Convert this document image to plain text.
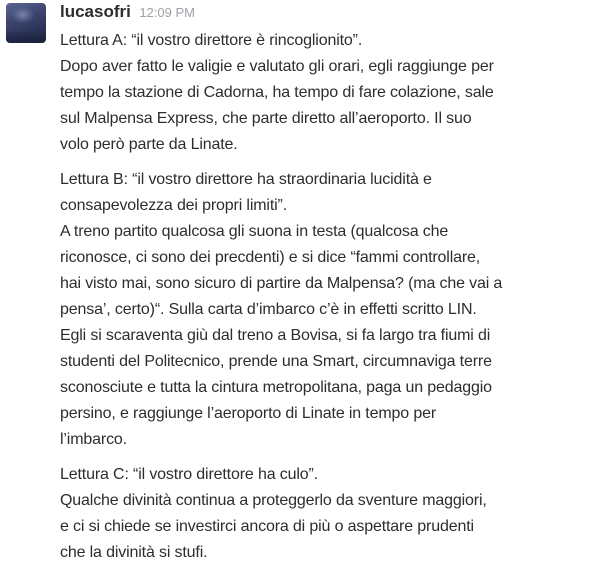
lucasofri 12:09 PM
Lettura A: “il vostro direttore è rincoglionito”.
Dopo aver fatto le valigie e valutato gli orari, egli raggiunge per
tempo la stazione di Cadorna, ha tempo di fare colazione, sale
sul Malpensa Express, che parte diretto all’aeroporto. Il suo
volo però parte da Linate.
Lettura B: “il vostro direttore ha straordinaria lucidità e
consapevolezza dei propri limiti”.
A treno partito qualcosa gli suona in testa (qualcosa che
riconosce, ci sono dei precdenti) e si dice “fammi controllare,
hai visto mai, sono sicuro di partire da Malpensa? (ma che vai a
pensa’, certo)“. Sulla carta d’imbarco c’è in effetti scritto LIN.
Egli si scaraventa giù dal treno a Bovisa, si fa largo tra fiumi di
studenti del Politecnico, prende una Smart, circumnaviga terre
sconosciute e tutta la cintura metropolitana, paga un pedaggio
persino, e raggiunge l’aeroporto di Linate in tempo per
l’imbarco.
Lettura C: “il vostro direttore ha culo”.
Qualche divinità continua a proteggerlo da sventure maggiori,
e ci si chiede se investirci ancora di più o aspettare prudenti
che la divinità si stufi.
